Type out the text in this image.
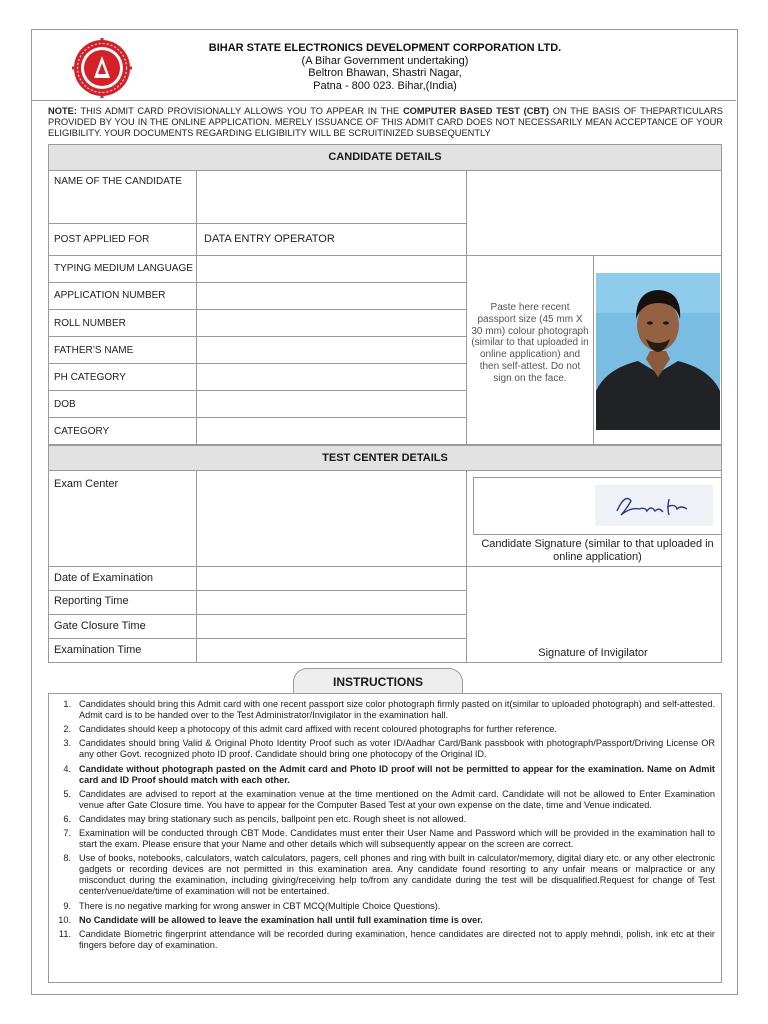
BIHAR STATE ELECTRONICS DEVELOPMENT CORPORATION LTD.
(A Bihar Government undertaking)
Beltron Bhawan, Shastri Nagar,
Patna - 800 023. Bihar,(India)
NOTE: THIS ADMIT CARD PROVISIONALLY ALLOWS YOU TO APPEAR IN THE COMPUTER BASED TEST (CBT) ON THE BASIS OF THEPARTICULARS PROVIDED BY YOU IN THE ONLINE APPLICATION. MERELY ISSUANCE OF THIS ADMIT CARD DOES NOT NECESSARILY MEAN ACCEPTANCE OF YOUR ELIGIBILITY. YOUR DOCUMENTS REGARDING ELIGIBILITY WILL BE SCRUITINIZED SUBSEQUENTLY
CANDIDATE DETAILS
NAME OF THE CANDIDATE
POST APPLIED FOR	DATA ENTRY OPERATOR
TYPING MEDIUM LANGUAGE
APPLICATION NUMBER
ROLL NUMBER
FATHER’S NAME
PH CATEGORY
DOB
CATEGORY
Paste here recent passport size (45 mm X 30 mm) colour photograph (similar to that uploaded in online application) and then self-attest. Do not sign on the face.
TEST CENTER DETAILS
Exam Center
Date of Examination
Reporting Time
Gate Closure Time
Examination Time
Candidate Signature (similar to that uploaded in online application)
Signature of Invigilator
INSTRUCTIONS
1. Candidates should bring this Admit card with one recent passport size color photograph firmly pasted on it(similar to uploaded photograph) and self-attested. Admit card is to be handed over to the Test Administrator/Invigilator in the examination hall.
2. Candidates should keep a photocopy of this admit card affixed with recent coloured photographs for further reference.
3. Candidates should bring Valid & Original Photo Identity Proof such as voter ID/Aadhar Card/Bank passbook with photograph/Passport/Driving License OR any other Govt. recognized photo ID proof. Candidate should bring one photocopy of the Original ID.
4. Candidate without photograph pasted on the Admit card and Photo ID proof will not be permitted to appear for the examination. Name on Admit card and ID Proof should match with each other.
5. Candidates are advised to report at the examination venue at the time mentioned on the Admit card. Candidate will not be allowed to Enter Examination venue after Gate Closure time. You have to appear for the Computer Based Test at your own expense on the date, time and Venue indicated.
6. Candidates may bring stationary such as pencils, ballpoint pen etc. Rough sheet is not allowed.
7. Examination will be conducted through CBT Mode. Candidates must enter their User Name and Password which will be provided in the examination hall to start the exam. Please ensure that your Name and other details which will subsequently appear on the screen are correct.
8. Use of books, notebooks, calculators, watch calculators, pagers, cell phones and ring with built in calculator/memory, digital diary etc. or any other electronic gadgets or recording devices are not permitted in this examination area. Any candidate found resorting to any unfair means or malpractice or any misconduct during the examination, including giving/receiving help to/from any candidate during the test will be disqualified.Request for change of Test center/venue/date/time of examination will not be entertained.
9. There is no negative marking for wrong answer in CBT MCQ(Multiple Choice Questions).
10. No Candidate will be allowed to leave the examination hall until full examination time is over.
11. Candidate Biometric fingerprint attendance will be recorded during examination, hence candidates are directed not to apply mehndi, polish, ink etc at their fingers before day of examination.
